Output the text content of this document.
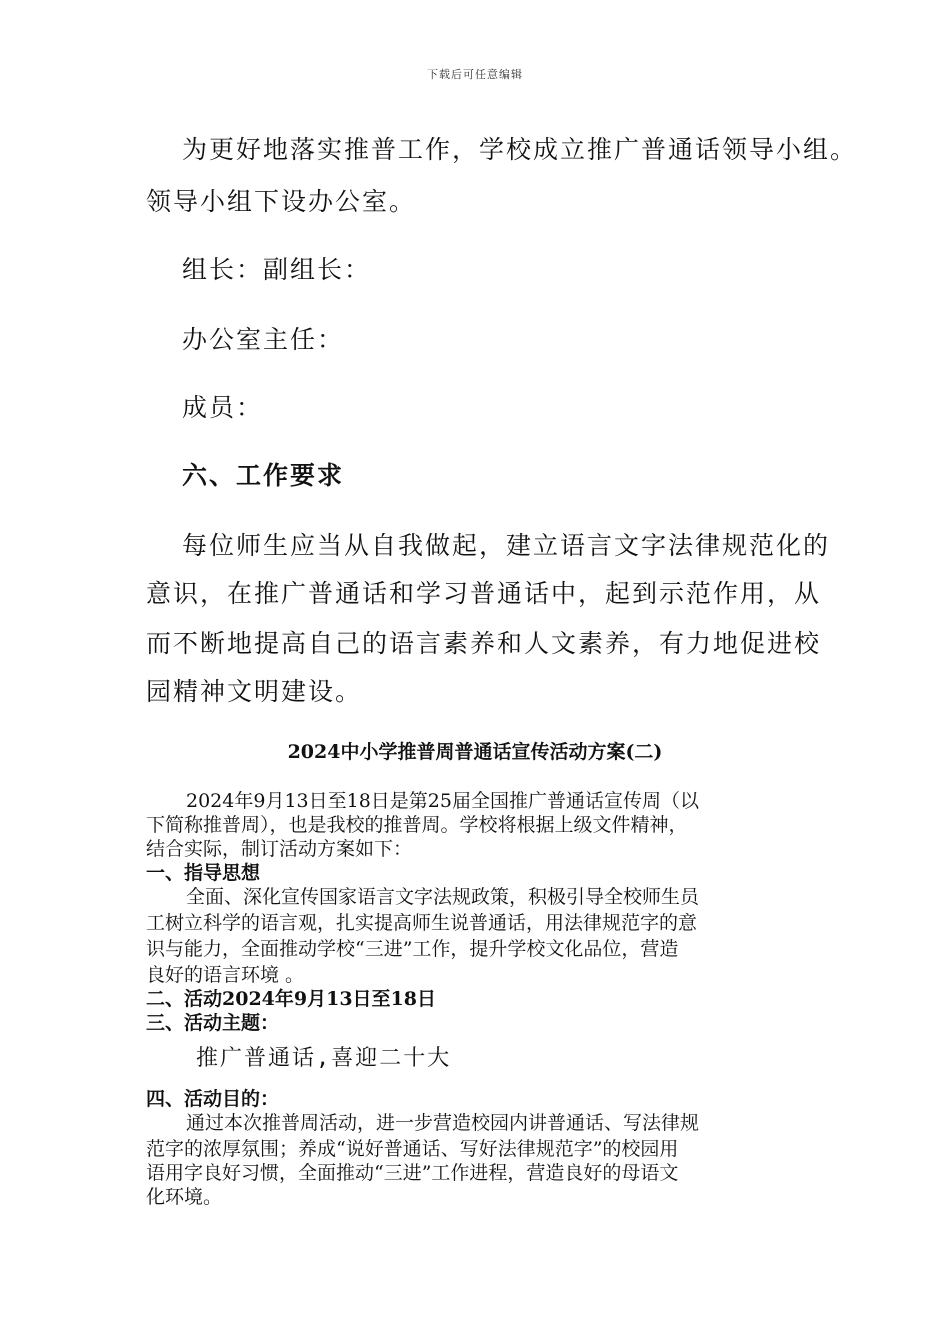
下载后可任意编辑

为更好地落实推普工作，学校成立推广普通话领导小组。

领导小组下设办公室。

组长：副组长：

办公室主任：

成员：

六、工作要求

每位师生应当从自我做起，建立语言文字法律规范化的

意识，在推广普通话和学习普通话中，起到示范作用，从

而不断地提高自己的语言素养和人文素养，有力地促进校

园精神文明建设。

2024中小学推普周普通话宣传活动方案(二)

2024年9月13日至18日是第25届全国推广普通话宣传周（以

下简称推普周），也是我校的推普周。学校将根据上级文件精神，

结合实际，制订活动方案如下：

一、指导思想

全面、深化宣传国家语言文字法规政策，积极引导全校师生员

工树立科学的语言观，扎实提高师生说普通话，用法律规范字的意

识与能力，全面推动学校“三进”工作，提升学校文化品位，营造

良好的语言环境 。

二、活动2024年9月13日至18日

三、活动主题：

推广普通话,喜迎二十大

四、活动目的：

通过本次推普周活动，进一步营造校园内讲普通话、写法律规

范字的浓厚氛围；养成“说好普通话、写好法律规范字”的校园用

语用字良好习惯，全面推动“三进”工作进程，营造良好的母语文

化环境。
